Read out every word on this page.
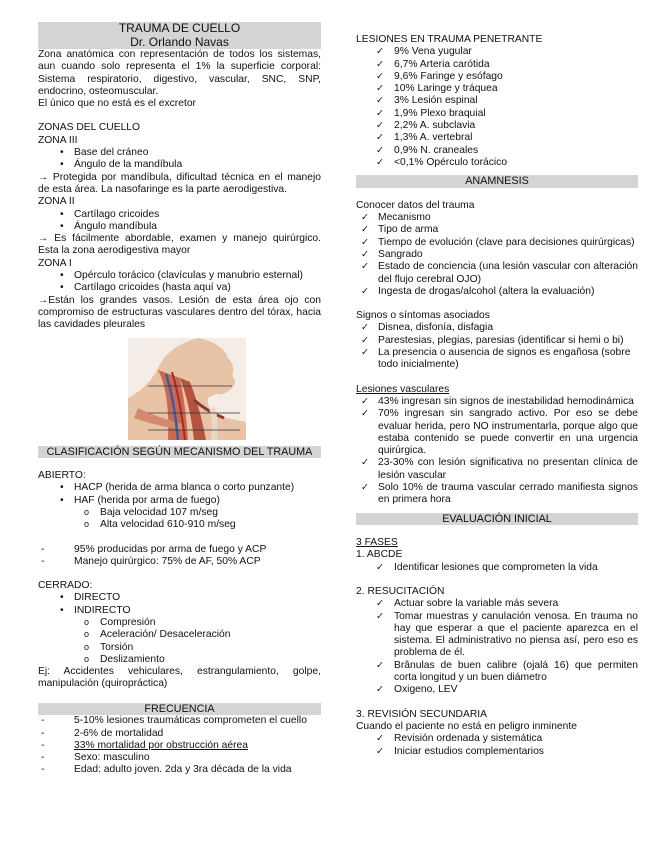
TRAUMA DE CUELLO
Dr. Orlando Navas

Zona anatómica con representación de todos los sistemas, aun cuando solo representa el 1% la superficie corporal: Sistema respiratorio, digestivo, vascular, SNC, SNP, endocrino, osteomuscular.

El único que no está es el excretor

ZONAS DEL CUELLO

ZONA III

• Base del cráneo
• Ángulo de la mandíbula

→ Protegida por mandíbula, dificultad técnica en el manejo de esta área. La nasofaringe es la parte aerodigestiva.

ZONA II

• Cartílago cricoides
• Ángulo mandíbula

→ Es fácilmente abordable, examen y manejo quirúrgico. Esta la zona aerodigestiva mayor

ZONA I

• Opérculo torácico (clavículas y manubrio esternal)
• Cartílago cricoides (hasta aquí va)

→Están los grandes vasos. Lesión de esta área ojo con compromiso de estructuras vasculares dentro del tórax, hacia las cavidades pleurales

CLASIFICACIÓN SEGÚN MECANISMO DEL TRAUMA

ABIERTO:

• HACP (herida de arma blanca o corto punzante)
• HAF (herida por arma de fuego)
o Baja velocidad 107 m/seg
o Alta velocidad 610-910 m/seg
- 95% producidas por arma de fuego y ACP
- Manejo quirúrgico: 75% de AF, 50% ACP

CERRADO:

• DIRECTO
• INDIRECTO
o Compresión
o Aceleración/ Desaceleración
o Torsión
o Deslizamiento

Ej: Accidentes vehiculares, estrangulamiento, golpe, manipulación (quiropráctica)

FRECUENCIA
- 5-10% lesiones traumáticas comprometen el cuello
- 2-6% de mortalidad
- 33% mortalidad por obstrucción aérea
- Sexo: masculino
- Edad: adulto joven. 2da y 3ra década de la vida

LESIONES EN TRAUMA PENETRANTE

✓ 9% Vena yugular
✓ 6,7% Arteria carótida
✓ 9,6% Faringe y esófago
✓ 10% Laringe y tráquea
✓ 3% Lesión espinal
✓ 1,9% Plexo braquial
✓ 2,2% A. subclavia
✓ 1,3% A. vertebral
✓ 0,9% N. craneales
✓ <0,1% Opérculo torácico
ANAMNESIS

Conocer datos del trauma

✓ Mecanismo
✓ Tipo de arma
✓ Tiempo de evolución (clave para decisiones quirúrgicas)
✓ Sangrado
✓ Estado de conciencia (una lesión vascular con alteración del flujo cerebral OJO)
✓ Ingesta de drogas/alcohol (altera la evaluación)

Signos o síntomas asociados

✓ Disnea, disfonía, disfagia
✓ Parestesias, plegias, paresias (identificar si hemi o bi)
✓ La presencia o ausencia de signos es engañosa (sobre todo inicialmente)

Lesiones vasculares

✓ 43% ingresan sin signos de inestabilidad hemodinámica
✓ 70% ingresan sin sangrado activo. Por eso se debe evaluar herida, pero NO instrumentarla, porque algo que estaba contenido se puede convertir en una urgencia quirúrgica.
✓ 23-30% con lesión significativa no presentan clínica de lesión vascular
✓ Solo 10% de trauma vascular cerrado manifiesta signos en primera hora
EVALUACIÓN INICIAL

3 FASES

1. ABCDE

✓ Identificar lesiones que comprometen la vida

2. RESUCITACIÓN

✓ Actuar sobre la variable más severa
✓ Tomar muestras y canulación venosa. En trauma no hay que esperar a que el paciente aparezca en el sistema. El administrativo no piensa así, pero eso es problema de él.
✓ Brânulas de buen calibre (ojalá 16) que permiten corta longitud y un buen diámetro
✓ Oxigeno, LEV

3. REVISIÓN SECUNDARIA

Cuando el paciente no está en peligro inminente

✓ Revisión ordenada y sistemática
✓ Iniciar estudios complementarios
